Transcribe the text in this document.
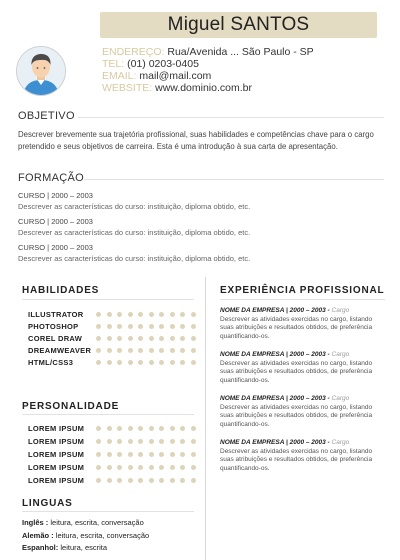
Miguel SANTOS
ENDEREÇO: Rua/Avenida ... São Paulo - SP
TEL: (01) 0203-0405
EMAIL: mail@mail.com
WEBSITE: www.dominio.com.br
OBJETIVO
Descrever brevemente sua trajetória profissional, suas habilidades e competências chave para o cargo pretendido e seus objetivos de carreira. Esta é uma introdução à sua carta de apresentação.
FORMAÇÃO
CURSO | 2000 – 2003
Descrever as características do curso: instituição, diploma obtido, etc.
CURSO | 2000 – 2003
Descrever as características do curso: instituição, diploma obtido, etc.
CURSO | 2000 – 2003
Descrever as características do curso: instituição, diploma obtido, etc.
HABILIDADES
ILLUSTRATOR
PHOTOSHOP
COREL DRAW
DREAMWEAVER
HTML/CSS3
PERSONALIDADE
LOREM IPSUM
LOREM IPSUM
LOREM IPSUM
LOREM IPSUM
LOREM IPSUM
LINGUAS
Inglês : leitura, escrita, conversação
Alemão : leitura, escrita, conversação
Espanhol: leitura, escrita
EXPERIÊNCIA PROFISSIONAL
NOME DA EMPRESA | 2000 – 2003 - Cargo
Descrever as atividades exercidas no cargo, listando suas atribuições e resultados obtidos, de preferência quantificando-os.
NOME DA EMPRESA | 2000 – 2003 - Cargo
Descrever as atividades exercidas no cargo, listando suas atribuições e resultados obtidos, de preferência quantificando-os.
NOME DA EMPRESA | 2000 – 2003 - Cargo
Descrever as atividades exercidas no cargo, listando suas atribuições e resultados obtidos, de preferência quantificando-os.
NOME DA EMPRESA | 2000 – 2003 - Cargo
Descrever as atividades exercidas no cargo, listando suas atribuições e resultados obtidos, de preferência quantificando-os.
